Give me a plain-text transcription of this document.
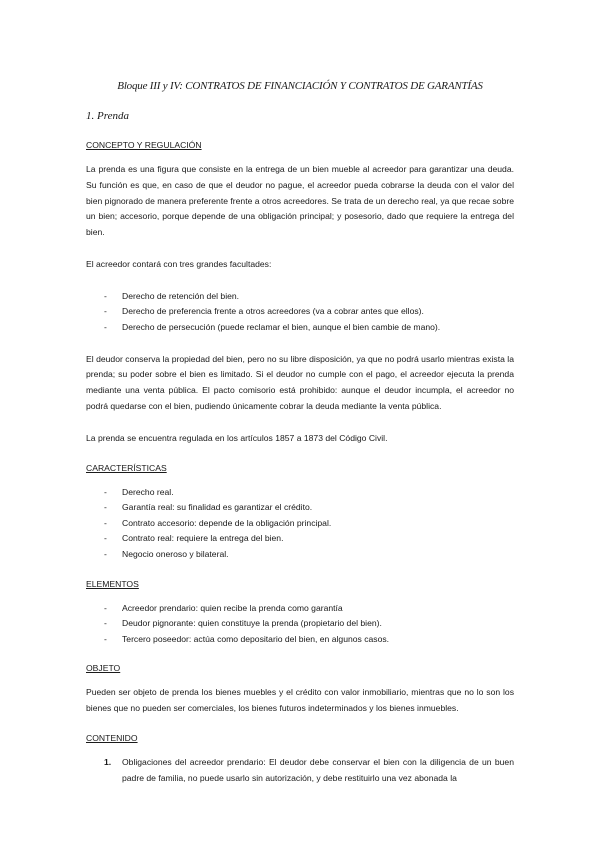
Bloque III y IV: CONTRATOS DE FINANCIACIÓN Y CONTRATOS DE GARANTÍAS
1. Prenda
CONCEPTO Y REGULACIÓN

La prenda es una figura que consiste en la entrega de un bien mueble al acreedor para garantizar una deuda. Su función es que, en caso de que el deudor no pague, el acreedor pueda cobrarse la deuda con el valor del bien pignorado de manera preferente frente a otros acreedores. Se trata de un derecho real, ya que recae sobre un bien; accesorio, porque depende de una obligación principal; y posesorio, dado que requiere la entrega del bien.

El acreedor contará con tres grandes facultades:

- Derecho de retención del bien.
- Derecho de preferencia frente a otros acreedores (va a cobrar antes que ellos).
- Derecho de persecución (puede reclamar el bien, aunque el bien cambie de mano).

El deudor conserva la propiedad del bien, pero no su libre disposición, ya que no podrá usarlo mientras exista la prenda; su poder sobre el bien es limitado. Si el deudor no cumple con el pago, el acreedor ejecuta la prenda mediante una venta pública. El pacto comisorio está prohibido: aunque el deudor incumpla, el acreedor no podrá quedarse con el bien, pudiendo únicamente cobrar la deuda mediante la venta pública.

La prenda se encuentra regulada en los artículos 1857 a 1873 del Código Civil.

CARACTERÍSTICAS
- Derecho real.
- Garantía real: su finalidad es garantizar el crédito.
- Contrato accesorio: depende de la obligación principal.
- Contrato real: requiere la entrega del bien.
- Negocio oneroso y bilateral.
ELEMENTOS
- Acreedor prendario: quien recibe la prenda como garantía
- Deudor pignorante: quien constituye la prenda (propietario del bien).
- Tercero poseedor: actúa como depositario del bien, en algunos casos.
OBJETO

Pueden ser objeto de prenda los bienes muebles y el crédito con valor inmobiliario, mientras que no lo son los bienes que no pueden ser comerciales, los bienes futuros indeterminados y los bienes inmuebles.

CONTENIDO
1. Obligaciones del acreedor prendario: El deudor debe conservar el bien con la diligencia de un buen padre de familia, no puede usarlo sin autorización, y debe restituirlo una vez abonada la
